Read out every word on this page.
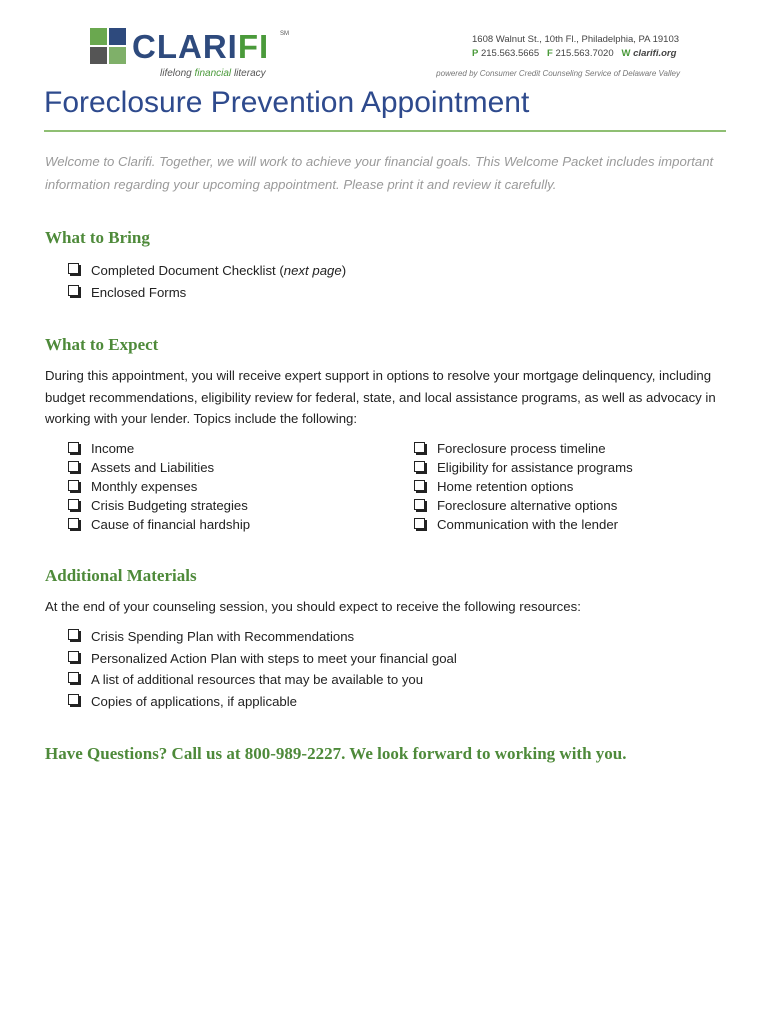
CLARIFI SM
lifelong financial literacy
1608 Walnut St., 10th Fl., Philadelphia, PA 19103
P 215.563.5665 F 215.563.7020 W clarifi.org
powered by Consumer Credit Counseling Service of Delaware Valley
Foreclosure Prevention Appointment

Welcome to Clarifi. Together, we will work to achieve your financial goals. This Welcome Packet includes important information regarding your upcoming appointment. Please print it and review it carefully.

What to Bring
Completed Document Checklist (next page)
Enclosed Forms
What to Expect

During this appointment, you will receive expert support in options to resolve your mortgage delinquency, including budget recommendations, eligibility review for federal, state, and local assistance programs, as well as advocacy in working with your lender. Topics include the following:

Income
Assets and Liabilities
Monthly expenses
Crisis Budgeting strategies
Cause of financial hardship
Foreclosure process timeline
Eligibility for assistance programs
Home retention options
Foreclosure alternative options
Communication with the lender
Additional Materials

At the end of your counseling session, you should expect to receive the following resources:

Crisis Spending Plan with Recommendations
Personalized Action Plan with steps to meet your financial goal
A list of additional resources that may be available to you
Copies of applications, if applicable

Have Questions? Call us at 800-989-2227. We look forward to working with you.
